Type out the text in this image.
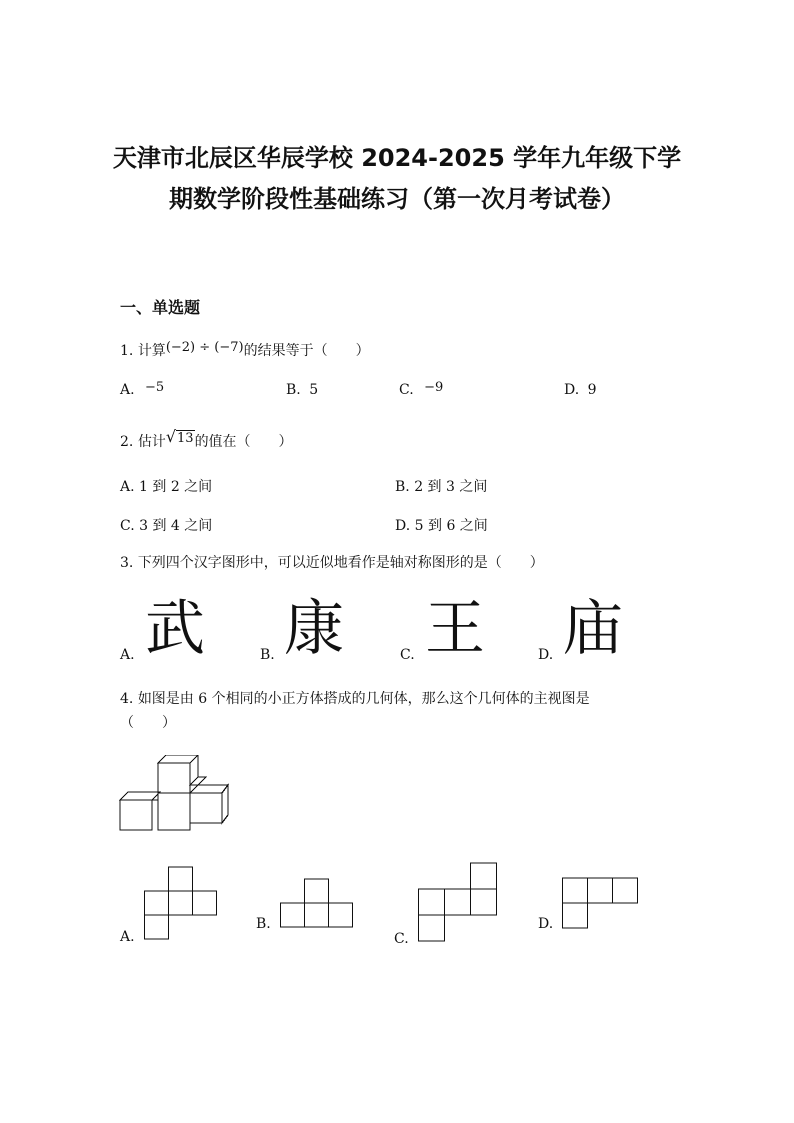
天津市北辰区华辰学校 2024-2025 学年九年级下学
期数学阶段性基础练习（第一次月考试卷）
一、单选题
1. 计算(−2) ÷ (−7)的结果等于（　　）
A. −5	B. 5	C. −9	D. 9
2. 估计√13的值在（　　）
A. 1 到 2 之间	B. 2 到 3 之间
C. 3 到 4 之间	D. 5 到 6 之间
3. 下列四个汉字图形中，可以近似地看作是轴对称图形的是（　　）
A. 武	B. 康	C. 王	D. 庙
4. 如图是由 6 个相同的小正方体搭成的几何体，那么这个几何体的主视图是
（　　）
A.
B.
C.
D.
